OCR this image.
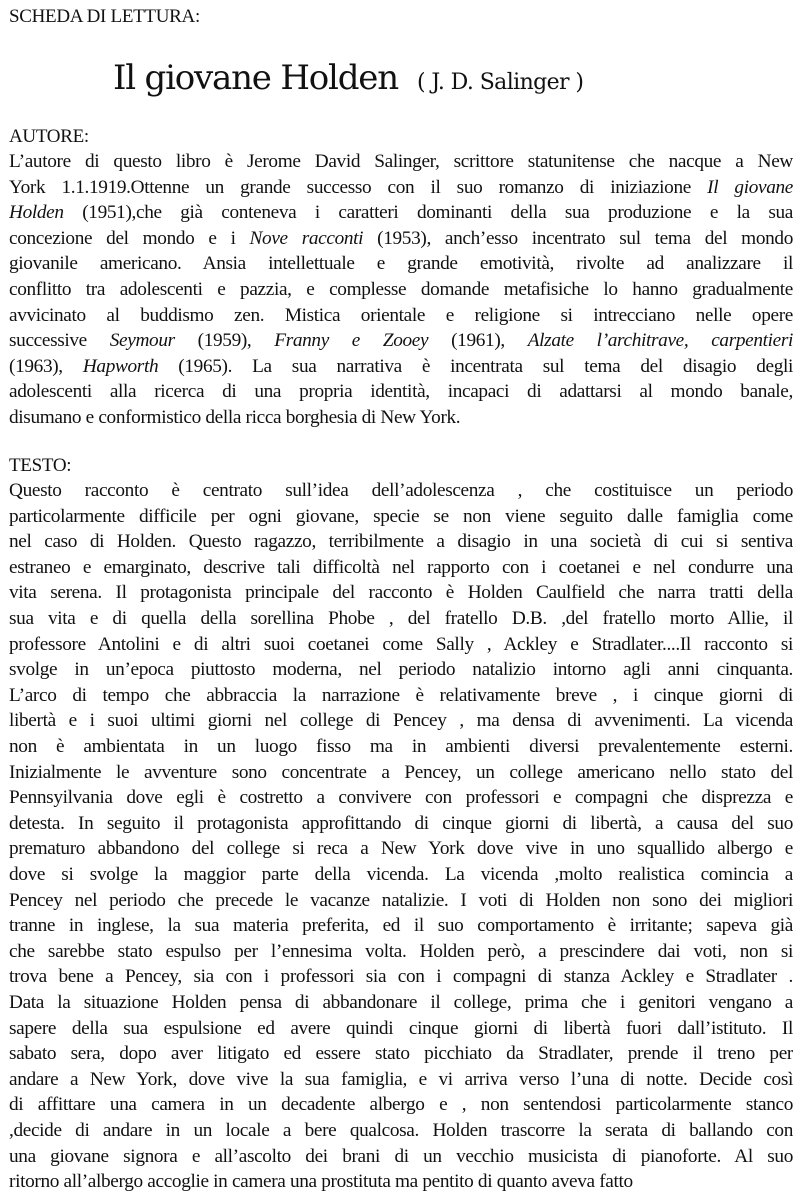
SCHEDA DI LETTURA:
Il giovane Holden ( J. D. Salinger )
AUTORE:
L’autore di questo libro è Jerome David Salinger, scrittore statunitense che nacque a New
York 1.1.1919.Ottenne un grande successo con il suo romanzo di iniziazione Il giovane
Holden (1951),che già conteneva i caratteri dominanti della sua produzione e la sua
concezione del mondo e i Nove racconti (1953), anch’esso incentrato sul tema del mondo
giovanile americano. Ansia intellettuale e grande emotività, rivolte ad analizzare il
conflitto tra adolescenti e pazzia, e complesse domande metafisiche lo hanno gradualmente
avvicinato al buddismo zen. Mistica orientale e religione si intrecciano nelle opere
successive Seymour (1959), Franny e Zooey (1961), Alzate l’architrave, carpentieri
(1963), Hapworth (1965). La sua narrativa è incentrata sul tema del disagio degli
adolescenti alla ricerca di una propria identità, incapaci di adattarsi al mondo banale,
disumano e conformistico della ricca borghesia di New York.
TESTO:
Questo racconto è centrato sull’idea dell’adolescenza , che costituisce un periodo
particolarmente difficile per ogni giovane, specie se non viene seguito dalle famiglia come
nel caso di Holden. Questo ragazzo, terribilmente a disagio in una società di cui si sentiva
estraneo e emarginato, descrive tali difficoltà nel rapporto con i coetanei e nel condurre una
vita serena. Il protagonista principale del racconto è Holden Caulfield che narra tratti della
sua vita e di quella della sorellina Phobe , del fratello D.B. ,del fratello morto Allie, il
professore Antolini e di altri suoi coetanei come Sally , Ackley e Stradlater....Il racconto si
svolge in un’epoca piuttosto moderna, nel periodo natalizio intorno agli anni cinquanta.
L’arco di tempo che abbraccia la narrazione è relativamente breve , i cinque giorni di
libertà e i suoi ultimi giorni nel college di Pencey , ma densa di avvenimenti. La vicenda
non è ambientata in un luogo fisso ma in ambienti diversi prevalentemente esterni.
Inizialmente le avventure sono concentrate a Pencey, un college americano nello stato del
Pennsyilvania dove egli è costretto a convivere con professori e compagni che disprezza e
detesta. In seguito il protagonista approfittando di cinque giorni di libertà, a causa del suo
prematuro abbandono del college si reca a New York dove vive in uno squallido albergo e
dove si svolge la maggior parte della vicenda. La vicenda ,molto realistica comincia a
Pencey nel periodo che precede le vacanze natalizie. I voti di Holden non sono dei migliori
tranne in inglese, la sua materia preferita, ed il suo comportamento è irritante; sapeva già
che sarebbe stato espulso per l’ennesima volta. Holden però, a prescindere dai voti, non si
trova bene a Pencey, sia con i professori sia con i compagni di stanza Ackley e Stradlater .
Data la situazione Holden pensa di abbandonare il college, prima che i genitori vengano a
sapere della sua espulsione ed avere quindi cinque giorni di libertà fuori dall’istituto. Il
sabato sera, dopo aver litigato ed essere stato picchiato da Stradlater, prende il treno per
andare a New York, dove vive la sua famiglia, e vi arriva verso l’una di notte. Decide così
di affittare una camera in un decadente albergo e , non sentendosi particolarmente stanco
,decide di andare in un locale a bere qualcosa. Holden trascorre la serata di ballando con
una giovane signora e all’ascolto dei brani di un vecchio musicista di pianoforte. Al suo
ritorno all’albergo accoglie in camera una prostituta ma pentito di quanto aveva fatto
